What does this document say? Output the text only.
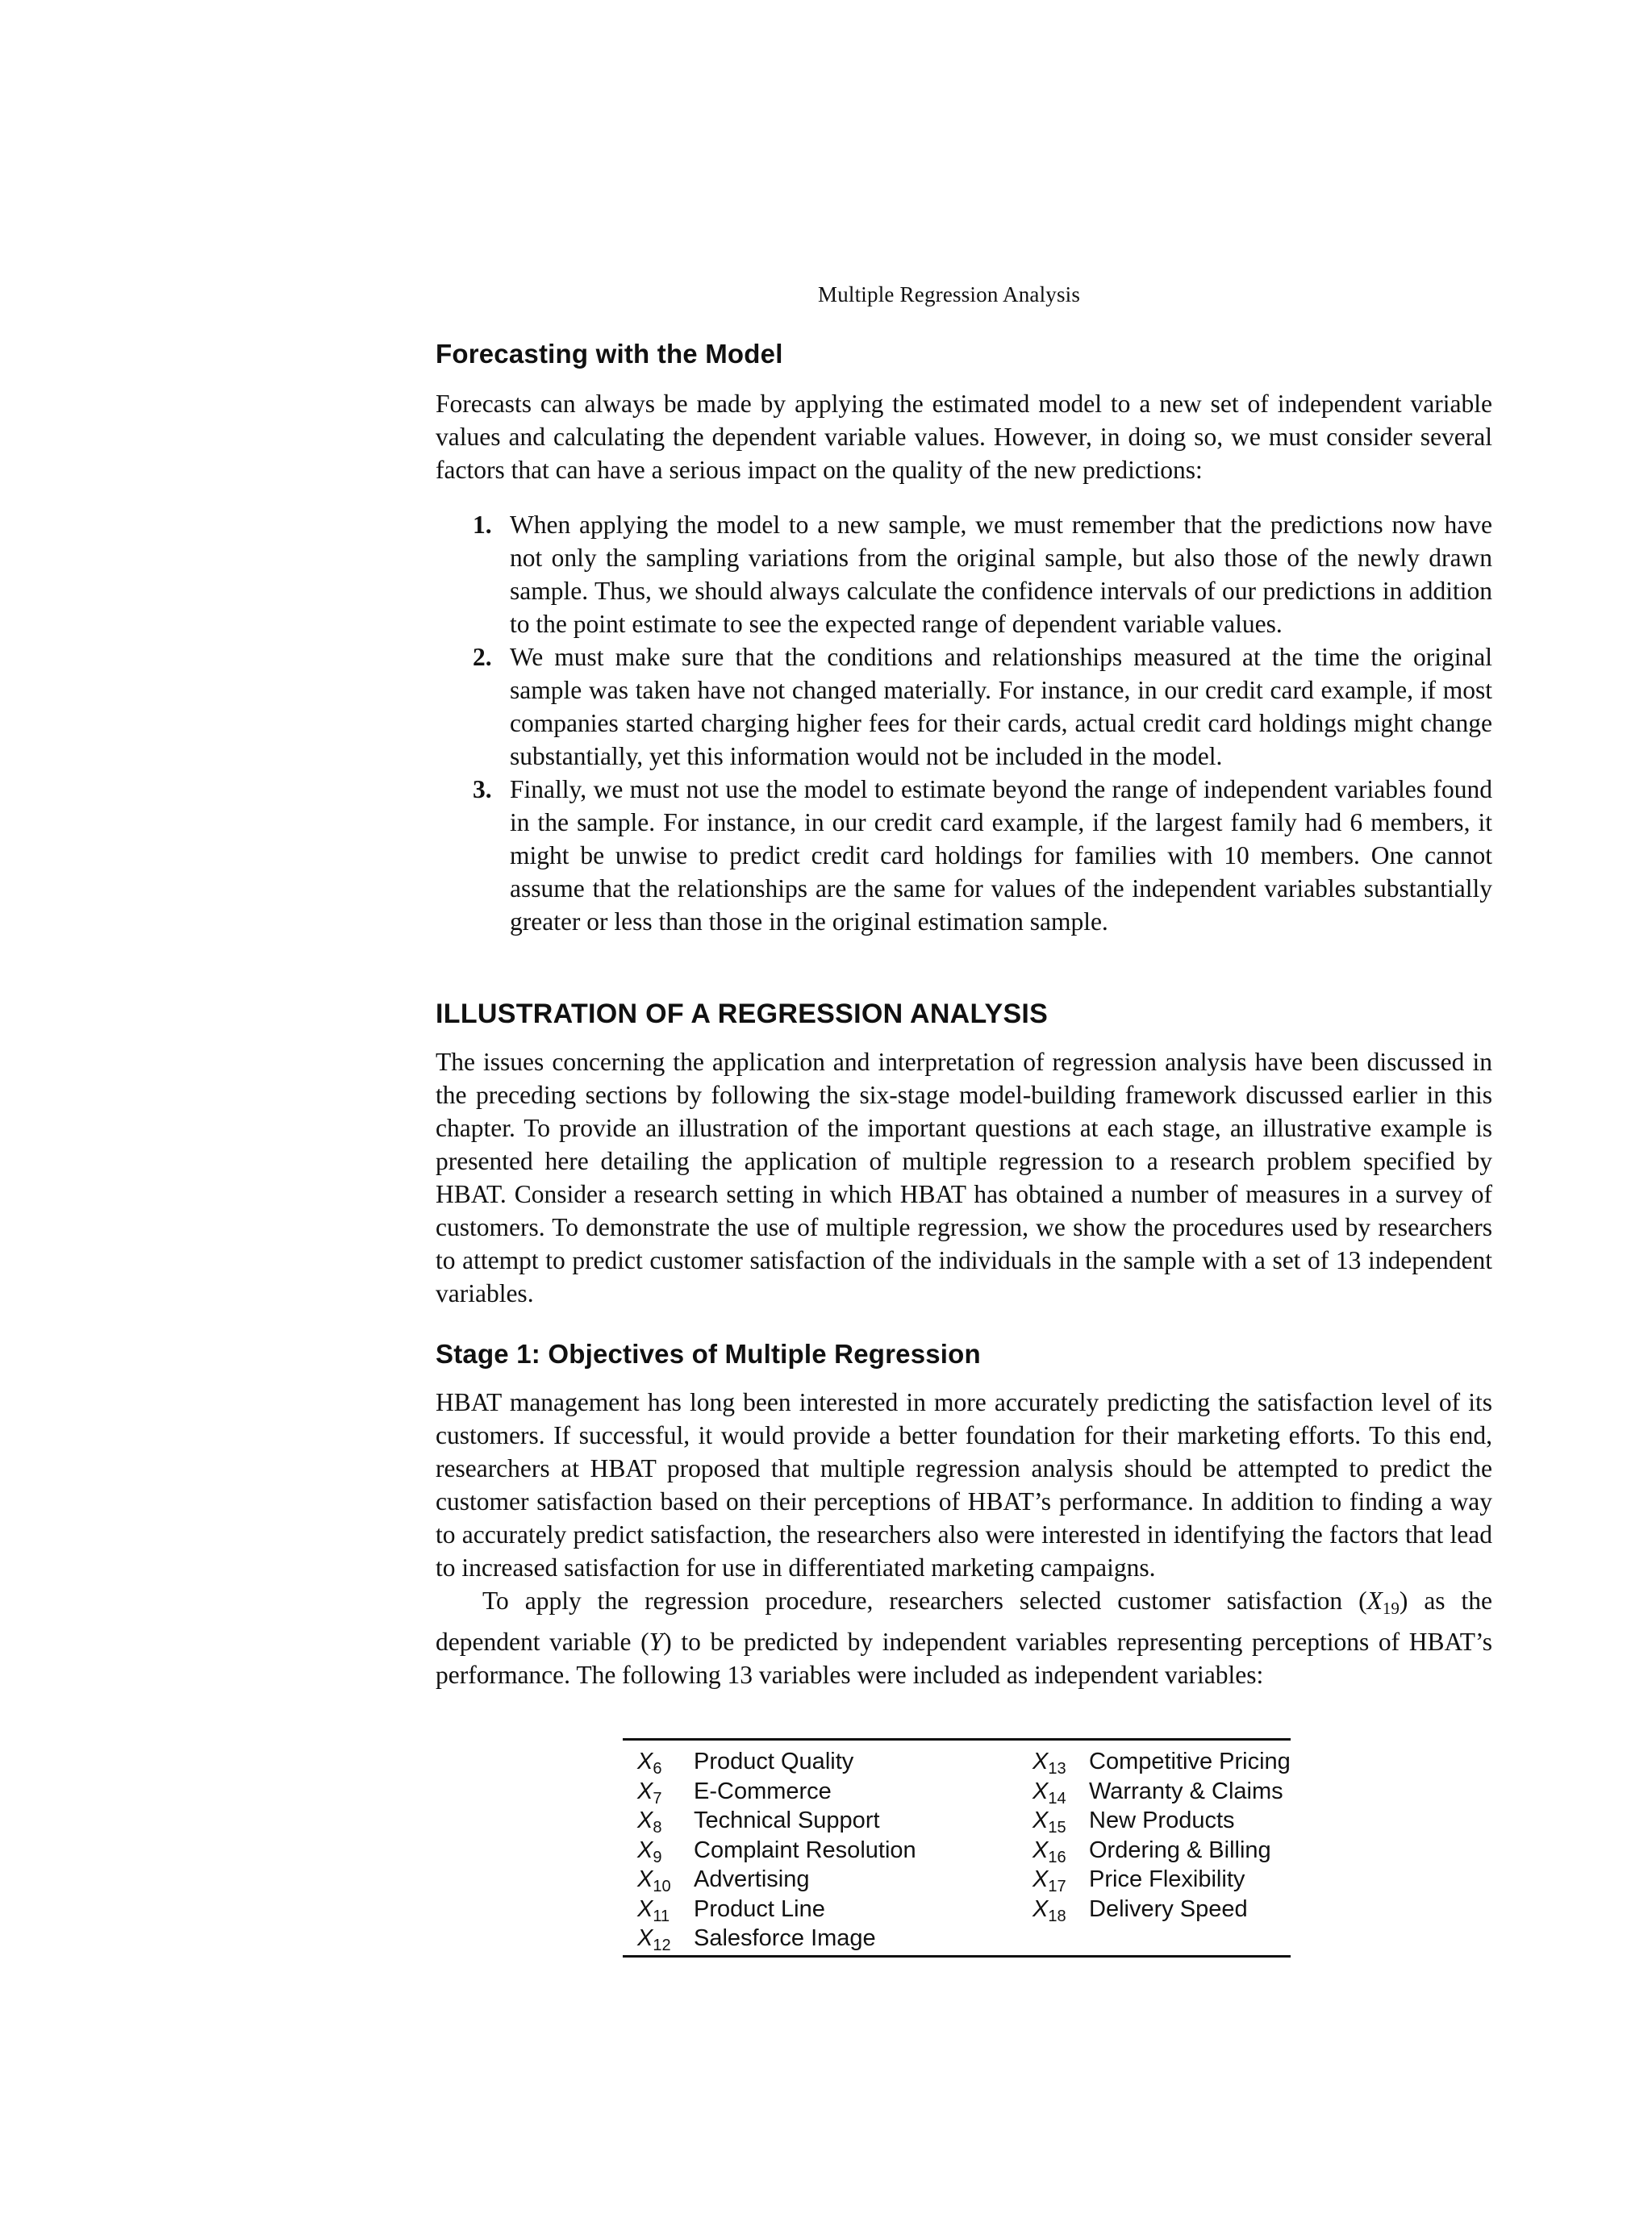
Multiple Regression Analysis
Forecasting with the Model

Forecasts can always be made by applying the estimated model to a new set of independent variable values and calculating the dependent variable values. However, in doing so, we must consider several factors that can have a serious impact on the quality of the new predictions:

1. When applying the model to a new sample, we must remember that the predictions now have not only the sampling variations from the original sample, but also those of the newly drawn sample. Thus, we should always calculate the confidence intervals of our predictions in addition to the point estimate to see the expected range of dependent variable values.

2. We must make sure that the conditions and relationships measured at the time the original sample was taken have not changed materially. For instance, in our credit card example, if most companies started charging higher fees for their cards, actual credit card holdings might change substantially, yet this information would not be included in the model.

3. Finally, we must not use the model to estimate beyond the range of independent variables found in the sample. For instance, in our credit card example, if the largest family had 6 members, it might be unwise to predict credit card holdings for families with 10 members. One cannot assume that the relationships are the same for values of the independent variables substantially greater or less than those in the original estimation sample.

ILLUSTRATION OF A REGRESSION ANALYSIS

The issues concerning the application and interpretation of regression analysis have been discussed in the preceding sections by following the six-stage model-building framework discussed earlier in this chapter. To provide an illustration of the important questions at each stage, an illustrative example is presented here detailing the application of multiple regression to a research problem specified by HBAT. Consider a research setting in which HBAT has obtained a number of measures in a survey of customers. To demonstrate the use of multiple regression, we show the procedures used by researchers to attempt to predict customer satisfaction of the individuals in the sample with a set of 13 independent variables.

Stage 1: Objectives of Multiple Regression

HBAT management has long been interested in more accurately predicting the satisfaction level of its customers. If successful, it would provide a better foundation for their marketing efforts. To this end, researchers at HBAT proposed that multiple regression analysis should be attempted to predict the customer satisfaction based on their perceptions of HBAT’s performance. In addition to finding a way to accurately predict satisfaction, the researchers also were interested in identifying the factors that lead to increased satisfaction for use in differentiated marketing campaigns.

To apply the regression procedure, researchers selected customer satisfaction $(X_{19})$ as the dependent variable (Y) to be predicted by independent variables representing perceptions of HBAT’s performance. The following 13 variables were included as independent variables:

$X_6$ Product Quality
$X_7$ E-Commerce
$X_8$ Technical Support
$X_9$ Complaint Resolution
$X_{10}$ Advertising
$X_{11}$ Product Line
$X_{12}$ Salesforce Image
$X_{13}$ Competitive Pricing
$X_{14}$ Warranty & Claims
$X_{15}$ New Products
$X_{16}$ Ordering & Billing
$X_{17}$ Price Flexibility
$X_{18}$ Delivery Speed
